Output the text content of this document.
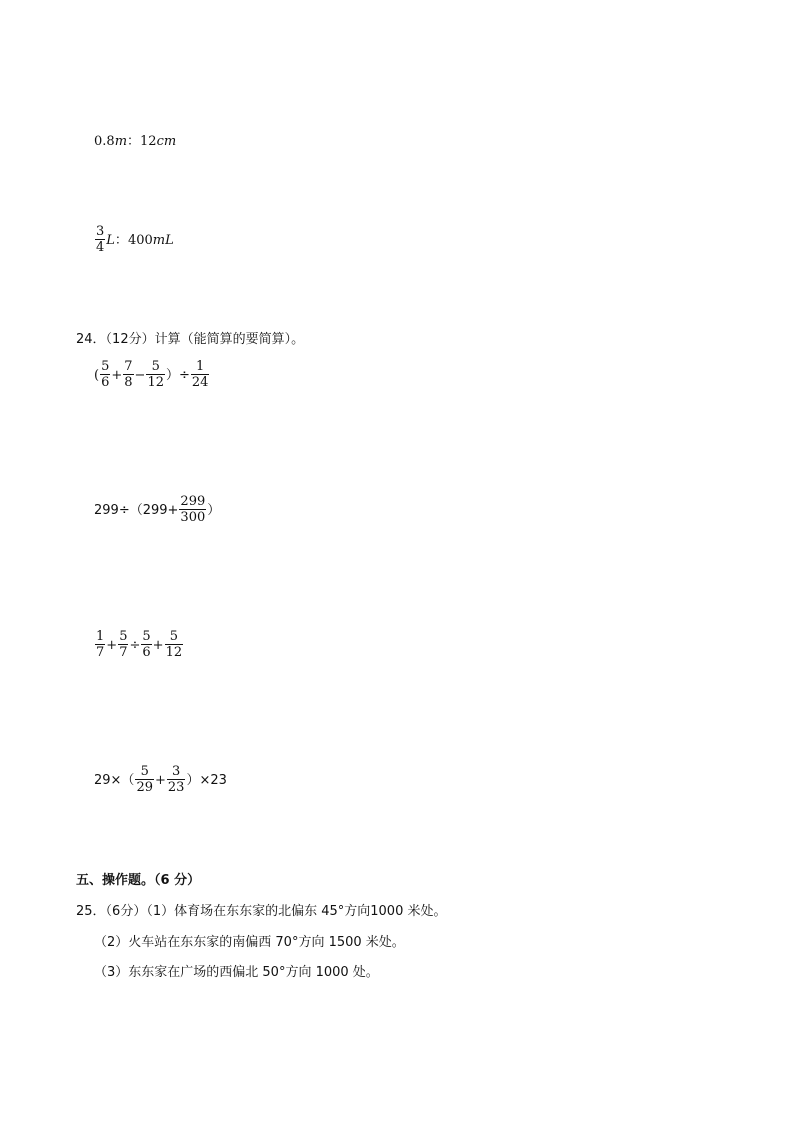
0.8m：12cm
$\frac{3}{4}$ L：400mL
24．（12分）计算（能简算的要简算）。
( $\frac{5}{6} + \frac{7}{8} - \frac{5}{12}$ ）÷ $\frac{1}{24}$
$299\div(299+ \frac{299}{300}$ ）
$\frac{1}{7} + \frac{5}{7} \div \frac{5}{6} + \frac{5}{12}$
$29\times( \frac{5}{29} + \frac{3}{23} )\times 23$
五、操作题。（6 分）
25．（6分）（1）体育场在东东家的北偏东 45°方向1000 米处。
（2）火车站在东东家的南偏西 70°方向 1500 米处。
（3）东东家在广场的西偏北 50°方向 1000 处。
